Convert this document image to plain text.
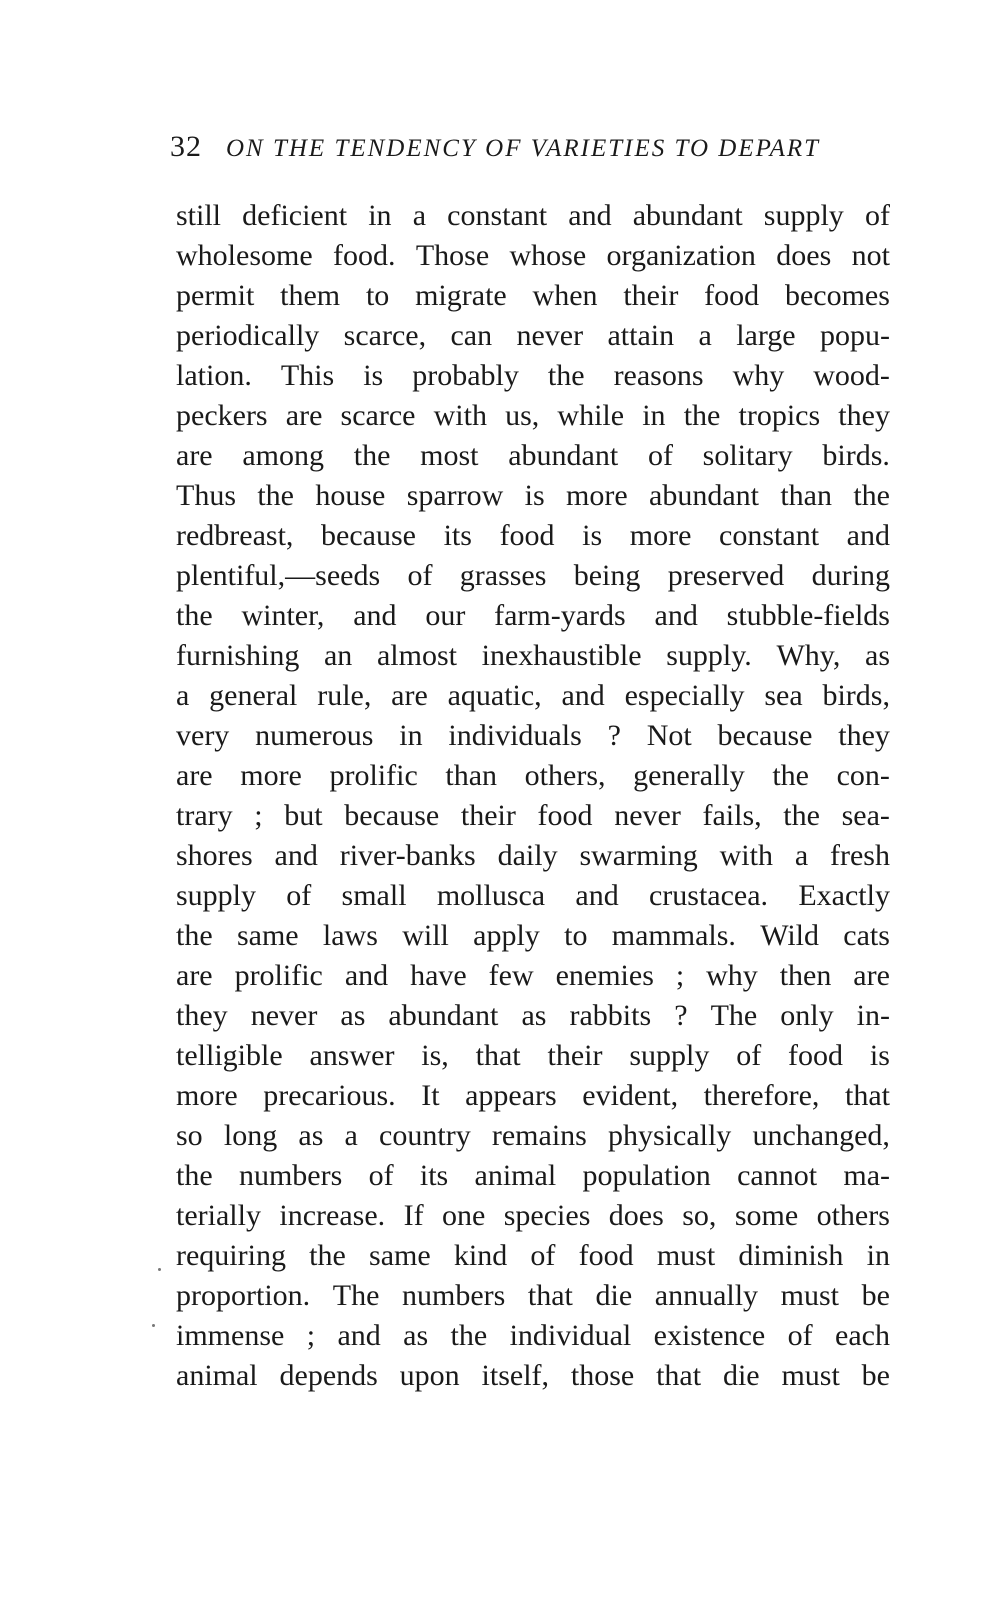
32 ON THE TENDENCY OF VARIETIES TO DEPART
still deficient in a constant and abundant supply of
wholesome food. Those whose organization does not
permit them to migrate when their food becomes
periodically scarce, can never attain a large popu-
lation. This is probably the reasons why wood-
peckers are scarce with us, while in the tropics they
are among the most abundant of solitary birds.
Thus the house sparrow is more abundant than the
redbreast, because its food is more constant and
plentiful,—seeds of grasses being preserved during
the winter, and our farm-yards and stubble-fields
furnishing an almost inexhaustible supply. Why, as
a general rule, are aquatic, and especially sea birds,
very numerous in individuals ? Not because they
are more prolific than others, generally the con-
trary ; but because their food never fails, the sea-
shores and river-banks daily swarming with a fresh
supply of small mollusca and crustacea. Exactly
the same laws will apply to mammals. Wild cats
are prolific and have few enemies ; why then are
they never as abundant as rabbits ? The only in-
telligible answer is, that their supply of food is
more precarious. It appears evident, therefore, that
so long as a country remains physically unchanged,
the numbers of its animal population cannot ma-
terially increase. If one species does so, some others
requiring the same kind of food must diminish in
proportion. The numbers that die annually must be
immense ; and as the individual existence of each
animal depends upon itself, those that die must be
